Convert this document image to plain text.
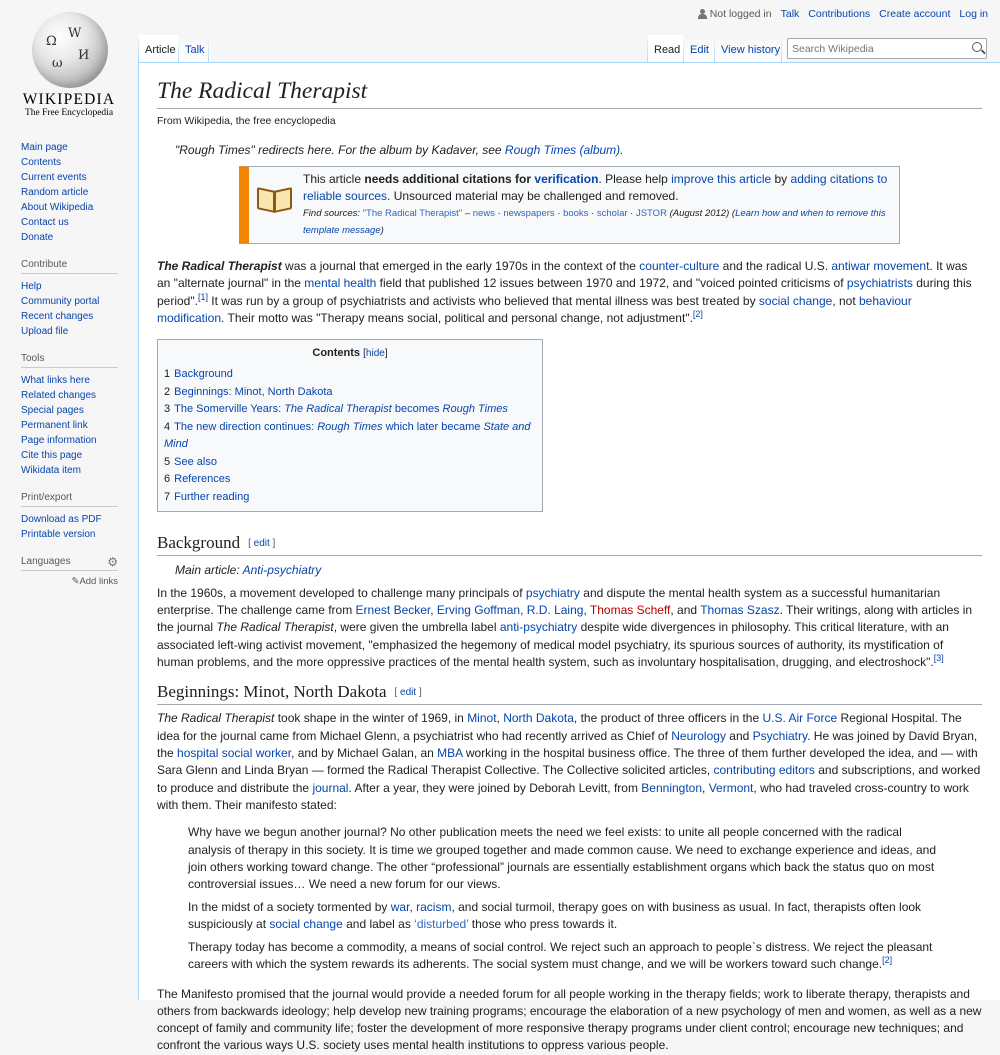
Not logged in Talk Contributions Create account Log in
Ω
W
И
ω
WIKIPEDIA
The Free Encyclopedia
Article Talk	Read Edit	View history
Search Wikipedia
Main page
Contents
Current events
Random article
About Wikipedia
Contact us
Donate
Contribute
Help
Community portal
Recent changes
Upload file
Tools
What links here
Related changes
Special pages
Permanent link
Page information
Cite this page
Wikidata item
Print/export
Download as PDF
Printable version
Languages	⚙
✎Add links
The Radical Therapist
From Wikipedia, the free encyclopedia
"Rough Times" redirects here. For the album by Kadaver, see Rough Times (album).
This article needs additional citations for verification. Please help improve this article by adding citations to reliable sources. Unsourced material may be challenged and removed.
Find sources: "The Radical Therapist" – news · newspapers · books · scholar · JSTOR (August 2012) (Learn how and when to remove this template message)

The Radical Therapist was a journal that emerged in the early 1970s in the context of the counter-culture and the radical U.S. antiwar movement. It was an "alternate journal" in the mental health field that published 12 issues between 1970 and 1972, and "voiced pointed criticisms of psychiatrists during this period".[1] It was run by a group of psychiatrists and activists who believed that mental illness was best treated by social change, not behaviour modification. Their motto was "Therapy means social, political and personal change, not adjustment".[2]

Contents [hide]
1 Background
2 Beginnings: Minot, North Dakota
3 The Somerville Years: The Radical Therapist becomes Rough Times
4 The new direction continues: Rough Times which later became State and Mind
5 See also
6 References
7 Further reading
Background [ edit ]
Main article: Anti-psychiatry

In the 1960s, a movement developed to challenge many principals of psychiatry and dispute the mental health system as a successful humanitarian enterprise. The challenge came from Ernest Becker, Erving Goffman, R.D. Laing, Thomas Scheff, and Thomas Szasz. Their writings, along with articles in the journal The Radical Therapist, were given the umbrella label anti-psychiatry despite wide divergences in philosophy. This critical literature, with an associated left-wing activist movement, "emphasized the hegemony of medical model psychiatry, its spurious sources of authority, its mystification of human problems, and the more oppressive practices of the mental health system, such as involuntary hospitalisation, drugging, and electroshock".[3]

Beginnings: Minot, North Dakota [ edit ]

The Radical Therapist took shape in the winter of 1969, in Minot, North Dakota, the product of three officers in the U.S. Air Force Regional Hospital. The idea for the journal came from Michael Glenn, a psychiatrist who had recently arrived as Chief of Neurology and Psychiatry. He was joined by David Bryan, the hospital social worker, and by Michael Galan, an MBA working in the hospital business office. The three of them further developed the idea, and — with Sara Glenn and Linda Bryan — formed the Radical Therapist Collective. The Collective solicited articles, contributing editors and subscriptions, and worked to produce and distribute the journal. After a year, they were joined by Deborah Levitt, from Bennington, Vermont, who had traveled cross-country to work with them. Their manifesto stated:

Why have we begun another journal? No other publication meets the need we feel exists: to unite all people concerned with the radical analysis of therapy in this society. It is time we grouped together and made common cause. We need to exchange experience and ideas, and join others working toward change. The other “professional” journals are essentially establishment organs which back the status quo on most controversial issues… We need a new forum for our views.

In the midst of a society tormented by war, racism, and social turmoil, therapy goes on with business as usual. In fact, therapists often look suspiciously at social change and label as ‘disturbed’ those who press towards it.

Therapy today has become a commodity, a means of social control. We reject such an approach to people`s distress. We reject the pleasant careers with which the system rewards its adherents. The social system must change, and we will be workers toward such change.[2]

The Manifesto promised that the journal would provide a needed forum for all people working in the therapy fields; work to liberate therapy, therapists and others from backwards ideology; help develop new training programs; encourage the elaboration of a new psychology of men and women, as well as a new concept of family and community life; foster the development of more responsive therapy programs under client control; encourage new techniques; and confront the various ways U.S. society uses mental health institutions to oppress various people.
